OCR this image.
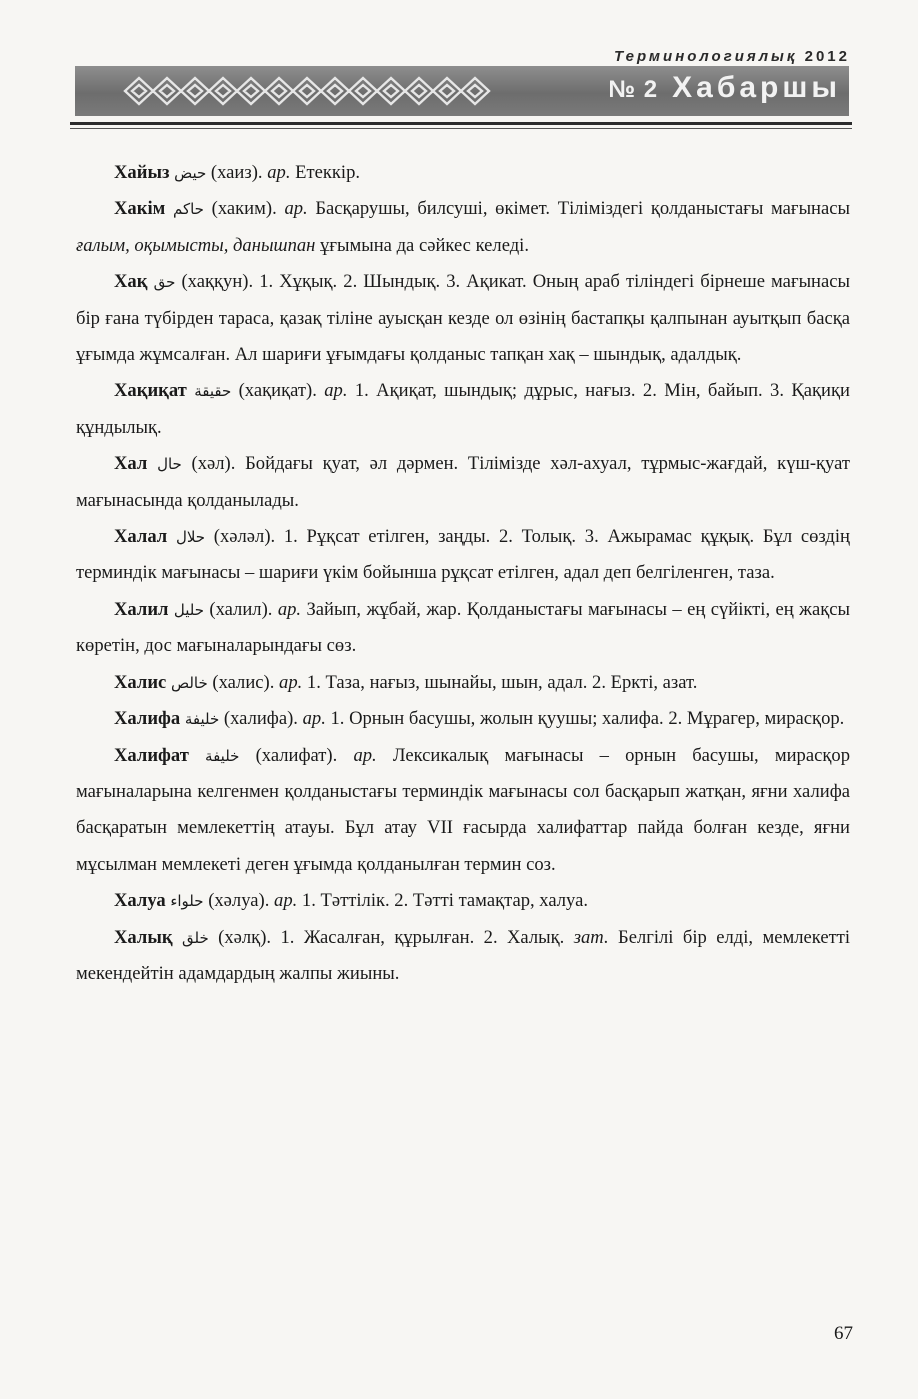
Терминологиялық 2012
№ 2 Хабаршы

Хайыз حيض (хаиз). ар. Етеккір.

Хакім حاكم (хаким). ар. Басқарушы, билсуші, өкімет. Тіліміздегі қолданыстағы мағынасы ғалым, оқымысты, данышпан ұғымына да сәйкес келеді.

Хақ حق (хаққун). 1. Хұқық. 2. Шындық. 3. Ақикат. Оның араб тіліндегі бірнеше мағынасы бір ғана түбірден тараса, қазақ тіліне ауысқан кезде ол өзінің бастапқы қалпынан ауытқып басқа ұғымда жұмсалған. Ал шариғи ұғымдағы қолданыс тапқан хақ – шындық, адалдық.

Хақиқат حقيقة (хақиқат). ар. 1. Ақиқат, шындық; дұрыс, нағыз. 2. Мін, байып. 3. Қақиқи құндылық.

Хал حال (хәл). Бойдағы қуат, әл дәрмен. Тілімізде хәл-ахуал, тұрмыс-жағдай, күш-қуат мағынасында қолданылады.

Халал حلال (хәләл). 1. Рұқсат етілген, заңды. 2. Толық. 3. Ажырамас құқық. Бұл сөздің терминдік мағынасы – шариғи үкім бойынша рұқсат етілген, адал деп белгіленген, таза.

Халил حليل (халил). ар. Зайып, жұбай, жар. Қолданыстағы мағынасы – ең сүйікті, ең жақсы көретін, дос мағыналарындағы сөз.

Халис خالص (халис). ар. 1. Таза, нағыз, шынайы, шын, адал. 2. Еркті, азат.

Халифа خليفة (халифа). ар. 1. Орнын басушы, жолын қуушы; халифа. 2. Мұрагер, мирасқор.

Халифат خليفة (халифат). ар. Лексикалық мағынасы – орнын басушы, мирасқор мағыналарына келгенмен қолданыстағы терминдік мағынасы сол басқарып жатқан, яғни халифа басқаратын мемлекеттің атауы. Бұл атау VII ғасырда халифаттар пайда болған кезде, яғни мұсылман мемлекеті деген ұғымда қолданылған термин соз.

Халуа حلواء (хәлуа). ар. 1. Тәттілік. 2. Тәтті тамақтар, халуа.

Халық خلق (хәлқ). 1. Жасалған, құрылған. 2. Халық. зат. Белгілі бір елді, мемлекетті мекендейтін адамдардың жалпы жиыны.

67
